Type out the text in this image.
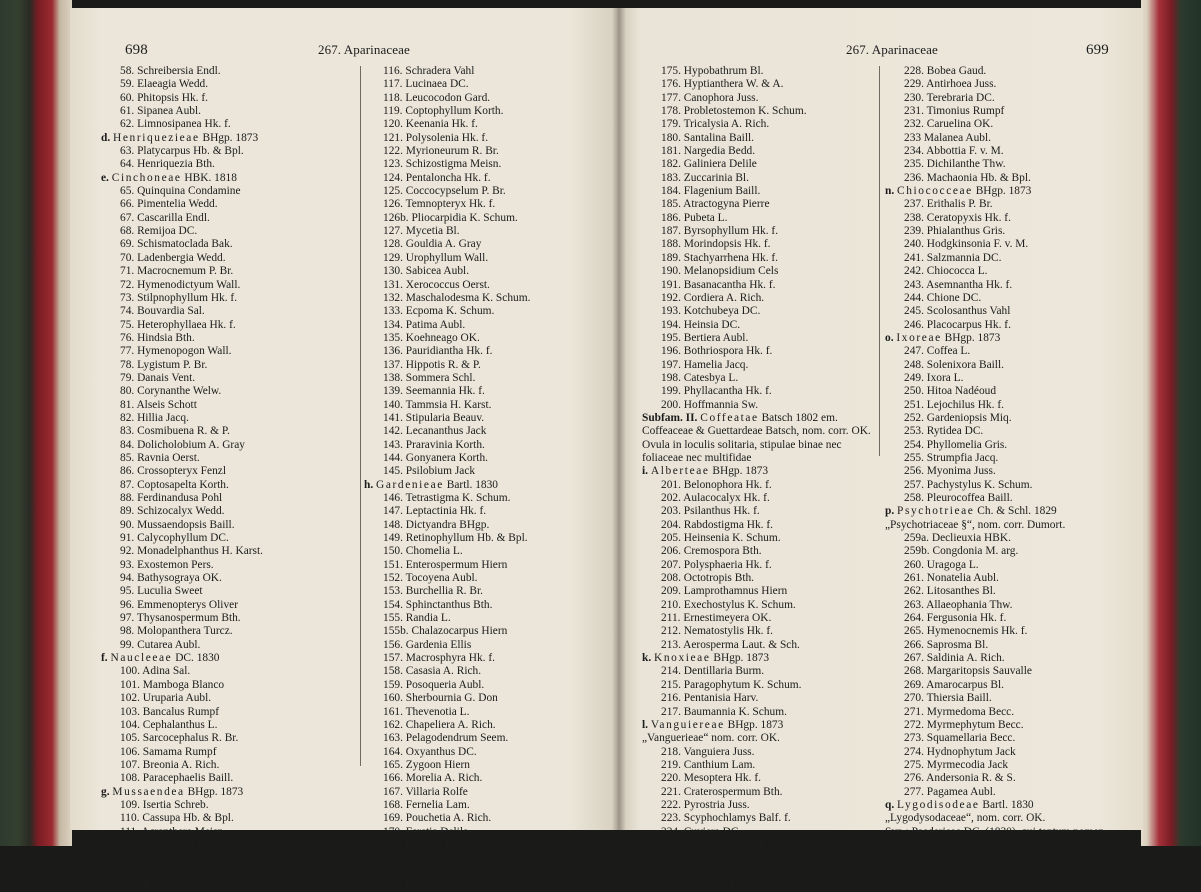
698	267. Aparinaceae
58. Schreibersia Endl.
59. Elaeagia Wedd.
60. Phitopsis Hk. f.
61. Sipanea Aubl.
62. Limnosipanea Hk. f.
d. Henriquezieae BHgp. 1873
63. Platycarpus Hb. & Bpl.
64. Henriquezia Bth.
e. Cinchoneae HBK. 1818
65. Quinquina Condamine
66. Pimentelia Wedd.
67. Cascarilla Endl.
68. Remijoa DC.
69. Schismatoclada Bak.
70. Ladenbergia Wedd.
71. Macrocnemum P. Br.
72. Hymenodictyum Wall.
73. Stilpnophyllum Hk. f.
74. Bouvardia Sal.
75. Heterophyllaea Hk. f.
76. Hindsia Bth.
77. Hymenopogon Wall.
78. Lygistum P. Br.
79. Danais Vent.
80. Corynanthe Welw.
81. Alseis Schott
82. Hillia Jacq.
83. Cosmibuena R. & P.
84. Dolicholobium A. Gray
85. Ravnia Oerst.
86. Crossopteryx Fenzl
87. Coptosapelta Korth.
88. Ferdinandusa Pohl
89. Schizocalyx Wedd.
90. Mussaendopsis Baill.
91. Calycophyllum DC.
92. Monadelphanthus H. Karst.
93. Exostemon Pers.
94. Bathysograya OK.
95. Luculia Sweet
96. Emmenopterys Oliver
97. Thysanospermum Bth.
98. Molopanthera Turcz.
99. Cutarea Aubl.
f. Naucleeae DC. 1830
100. Adina Sal.
101. Mamboga Blanco
102. Uruparia Aubl.
103. Bancalus Rumpf
104. Cephalanthus L.
105. Sarcocephalus R. Br.
106. Samama Rumpf
107. Breonia A. Rich.
108. Paracephaelis Baill.
g. Mussaendea BHgp. 1873
109. Isertia Schreb.
110. Cassupa Hb. & Bpl.
111. Acranthera Meisn.
112. Mussaenda Burm.
113. Duggenia Vahl
114. Didymochlamys Hk. f.
115. Holostylis DC.
116. Schradera Vahl
117. Lucinaea DC.
118. Leucocodon Gard.
119. Coptophyllum Korth.
120. Keenania Hk. f.
121. Polysolenia Hk. f.
122. Myrioneurum R. Br.
123. Schizostigma Meisn.
124. Pentaloncha Hk. f.
125. Coccocypselum P. Br.
126. Temnopteryx Hk. f.
126b. Pliocarpidia K. Schum.
127. Mycetia Bl.
128. Gouldia A. Gray
129. Urophyllum Wall.
130. Sabicea Aubl.
131. Xerococcus Oerst.
132. Maschalodesma K. Schum.
133. Ecpoma K. Schum.
134. Patima Aubl.
135. Koehneago OK.
136. Pauridiantha Hk. f.
137. Hippotis R. & P.
138. Sommera Schl.
139. Seemannia Hk. f.
140. Tammsia H. Karst.
141. Stipularia Beauv.
142. Lecananthus Jack
143. Praravinia Korth.
144. Gonyanera Korth.
145. Psilobium Jack
h. Gardenieae Bartl. 1830
146. Tetrastigma K. Schum.
147. Leptactinia Hk. f.
148. Dictyandra BHgp.
149. Retinophyllum Hb. & Bpl.
150. Chomelia L.
151. Enterospermum Hiern
152. Tocoyena Aubl.
153. Burchellia R. Br.
154. Sphinctanthus Bth.
155. Randia L.
155b. Chalazocarpus Hiern
156. Gardenia Ellis
157. Macrosphyra Hk. f.
158. Casasia A. Rich.
159. Posoqueria Aubl.
160. Sherbournia G. Don
161. Thevenotia L.
162. Chapeliera A. Rich.
163. Pelagodendrum Seem.
164. Oxyanthus DC.
165. Zygoon Hiern
166. Morelia A. Rich.
167. Villaria Rolfe
168. Fernelia Lam.
169. Pouchetia A. Rich.
170. Feretia Delile
171. Petunga DC.
172. Scyphostachys Thw.
173. Epithinia Griff.
174. Empogona Hk. f.
267. Aparinaceae	699
175. Hypobathrum Bl.
176. Hyptianthera W. & A.
177. Canophora Juss.
178. Probletostemon K. Schum.
179. Tricalysia A. Rich.
180. Santalina Baill.
181. Nargedia Bedd.
182. Galiniera Delile
183. Zuccarinia Bl.
184. Flagenium Baill.
185. Atractogyna Pierre
186. Pubeta L.
187. Byrsophyllum Hk. f.
188. Morindopsis Hk. f.
189. Stachyarrhena Hk. f.
190. Melanopsidium Cels
191. Basanacantha Hk. f.
192. Cordiera A. Rich.
193. Kotchubeya DC.
194. Heinsia DC.
195. Bertiera Aubl.
196. Bothriospora Hk. f.
197. Hamelia Jacq.
198. Catesbya L.
199. Phyllacantha Hk. f.
200. Hoffmannia Sw.
Subfam. II. Coffeatae Batsch 1802 em.
Coffeaceae & Guettardeae Batsch, nom. corr. OK.
Ovula in loculis solitaria, stipulae binae nec
foliaceae nec multifidae
i. Alberteae BHgp. 1873
201. Belonophora Hk. f.
202. Aulacocalyx Hk. f.
203. Psilanthus Hk. f.
204. Rabdostigma Hk. f.
205. Heinsenia K. Schum.
206. Cremospora Bth.
207. Polysphaeria Hk. f.
208. Octotropis Bth.
209. Lamprothamnus Hiern
210. Exechostylus K. Schum.
211. Ernestimeyera OK.
212. Nematostylis Hk. f.
213. Aerosperma Laut. & Sch.
k. Knoxieae BHgp. 1873
214. Dentillaria Burm.
215. Paragophytum K. Schum.
216. Pentanisia Harv.
217. Baumannia K. Schum.
l. Vanguiereae BHgp. 1873
„Vanguerieae“ nom. corr. OK.
218. Vanguiera Juss.
219. Canthium Lam.
220. Mesoptera Hk. f.
221. Craterospermum Bth.
222. Pyrostria Juss.
223. Scyphochlamys Balf. f.
224. Cuviera DC.
225. Cyclophyllum Hk. f.
226. Ancylanthus Desf.
m. Guettardeae Dumort. 1829
227. Matthiola L.
228. Bobea Gaud.
229. Antirhoea Juss.
230. Terebraria DC.
231. Timonius Rumpf
232. Caruelina OK.
233 Malanea Aubl.
234. Abbottia F. v. M.
235. Dichilanthe Thw.
236. Machaonia Hb. & Bpl.
n. Chiococceae BHgp. 1873
237. Erithalis P. Br.
238. Ceratopyxis Hk. f.
239. Phialanthus Gris.
240. Hodgkinsonia F. v. M.
241. Salzmannia DC.
242. Chiococca L.
243. Asemnantha Hk. f.
244. Chione DC.
245. Scolosanthus Vahl
246. Placocarpus Hk. f.
o. Ixoreae BHgp. 1873
247. Coffea L.
248. Solenixora Baill.
249. Ixora L.
250. Hitoa Nadéoud
251. Lejochilus Hk. f.
252. Gardeniopsis Miq.
253. Rytidea DC.
254. Phyllomelia Gris.
255. Strumpfia Jacq.
256. Myonima Juss.
257. Pachystylus K. Schum.
258. Pleurocoffea Baill.
p. Psychotrieae Ch. & Schl. 1829
„Psychotriaceae §“, nom. corr. Dumort.
259a. Declieuxia HBK.
259b. Congdonia M. arg.
260. Uragoga L.
261. Nonatelia Aubl.
262. Litosanthes Bl.
263. Allaeophania Thw.
264. Fergusonia Hk. f.
265. Hymenocnemis Hk. f.
266. Saprosma Bl.
267. Saldinia A. Rich.
268. Margaritopsis Sauvalle
269. Amarocarpus Bl.
270. Thiersia Baill.
271. Myrmedoma Becc.
272. Myrmephytum Becc.
273. Squamellaria Becc.
274. Hydnophytum Jack
275. Myrmecodia Jack
276. Andersonia R. & S.
277. Pagamea Aubl.
q. Lygodisodeae Bartl. 1830
„Lygodysodaceae“, nom. corr. OK.
Syn.: Paederieae DC. (1830), qui tantum nomen
mutavit
278. Hondbesseon Ad.
279. Spermadictyum Roxb.
